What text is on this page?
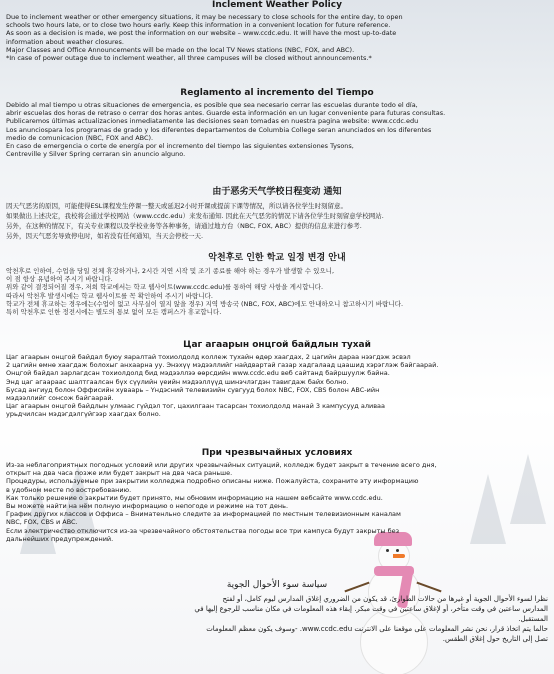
Inclement Weather Policy

Due to inclement weather or other emergency situations, it may be necessary to close schools for the entire day, to open

schools two hours late, or to close two hours early. Keep this information in a convenient location for future reference.

As soon as a decision is made, we post the information on our website – www.ccdc.edu. It will have the most up-to-date

information about weather closures.

Major Classes and Office Announcements will be made on the local TV News stations (NBC, FOX, and ABC).

*In case of power outage due to inclement weather, all three campuses will be closed without announcements.*

Reglamento al incremento del Tiempo

Debido al mal tiempo u otras situaciones de emergencia, es posible que sea necesario cerrar las escuelas durante todo el día,

abrir escuelas dos horas de retraso o cerrar dos horas antes. Guarde esta información en un lugar conveniente para futuras consultas.

Publicaremos últimas actualizaciones inmediatamente las decisiones sean tomadas en nuestra pagina website: www.ccdc.edu

Los anunciospara los programas de grado y los diferentes departamentos de Columbia College seran anunciados en los diferentes

medio de comunicacion (NBC, FOX and ABC).

En caso de emergencia o corte de energía por el incremento del tiempo las siguientes extensiones Tysons,

Centreville y Silver Spring cerraran sin anuncio alguno.

由于恶劣天气学校日程变动 通知

因天气恶劣的原因，可能使得ESL课程发生停课一整天或延迟2小时开课或提前下课等情况，所以请各位学生时刻留意。

如果做出上述决定，我校将会通过学校网站（www.ccdc.edu）来发布通知. 因此在天气恶劣的情况下请各位学生时刻留意学校网站.

另外，在这种的情况下，有关专业课程以及学校业务等各种事务，请通过地方台（NBC, FOX, ABC）提供的信息来进行参考.

另外，因天气恶劣导致停电时，如若没有任何通知，当天会停校一天.

악천후로 인한 학교 일정 변경 안내

악천후로 인하여, 수업을 당일 전체 휴강하거나, 2시간 지연 시작 및 조기 종료를 해야 하는 경우가 발생할 수 있으니,

이 점 항상 유념하여 주시기 바랍니다.

위와 같이 결정되어질 경우, 저희 학교에서는 학교 웹사이트(www.ccdc.edu)를 통하여 해당 사항을 게시합니다.

따라서 악천후 발생시에는 학교 웹사이트를 꼭 확인하여 주시기 바랍니다.

학교가 전체 휴교하는 경우에는(수업이 없고 사무실이 열지 않을 경우) 지역 방송국 (NBC, FOX, ABC)에도 안내하오니 참고하시기 바랍니다.

특히 악천후로 인한 정전시에는 별도의 통보 없이 모든 캠퍼스가 휴교합니다.

Цаг агаарын онцгой байдлын тухай

Цаг агаарын онцгой байдал буюу яаралтай тохиолдолд коллеж тухайн өдөр хаагдах, 2 цагийн дараа нээгдэж эсвэл

2 цагийн өмнө хаагдаж болохыг анхаарна уу. Энэхүү мэдээллийг найдвартай газар хадгалаад цаашид хэрэглэж байгаарай.

Онцгой байдал зарлагдсан тохиолдолд бид мэдээллээ өөрсдийн www.ccdc.edu веб сайтанд байршуулж байна.

Энд цаг агаараас шалтгаалсан бүх сүүлийн үеийн мэдээллүүд шинэчлэгдэн тавигдаж байх болно.

Бусад ангиуд болон Оффисийн хуваарь – Үндэсний телевизийн сувгууд болох NBC, FOX, CBS болон ABC-ийн

мэдээллийг сонсож байгаарай.

Цаг агаарын онцгой байдлын улмаас гүйдэл тог, цахилгаан тасарсан тохиолдолд манай 3 кампусууд аливаа

урьдчилсан мэдэгдэлгүйгээр хаагдах болно.

При чрезвычайных условиях

Из-за неблагоприятных погодных условий или других чрезвычайных ситуаций, колледж будет закрыт в течение всего дня,

открыт на два часа позже или будет закрыт на два часа раньше.

Процедуры, используемые при закрытии колледжа подробно описаны ниже. Пожалуйста, сохраните эту информацию

в удобном месте по востребованию.

Как только решение о закрытии будет принято, мы обновим информацию на нашем вебсайте www.ccdc.edu.

Вы можете найти на нём полную информацию о непогоде и режиме на тот день.

График других классов и Оффиса – Вниматенльно следите за информацией по местным телевизионным каналам

NBC, FOX, CBS и ABC.

Если электричество отключится из-за чрезвечайного обстоятельства погоды все три кампуса будут закрыты без

дальнейших предупреждений.

سياسة سوء الأحوال الجوية

نظرا لسوء الأحوال الجوية أو غيرها من حالات الطوارئ، قد يكون من الضروري إغلاق المدارس ليوم كامل، أو لفتح

المدارس ساعتين في وقت متأخر، أو لإغلاق ساعتين في وقت مبكر. إبقاء هذه المعلومات في مكان مناسب للرجوع إليها في

المستقبل.

حالما يتم اتخاذ قرار، نحن نشر المعلومات على موقعنا على الانترنت www.ccdc.edu. -وسوف يكون معظم المعلومات

تصل إلى التاريخ حول إغلاق الطقس.
